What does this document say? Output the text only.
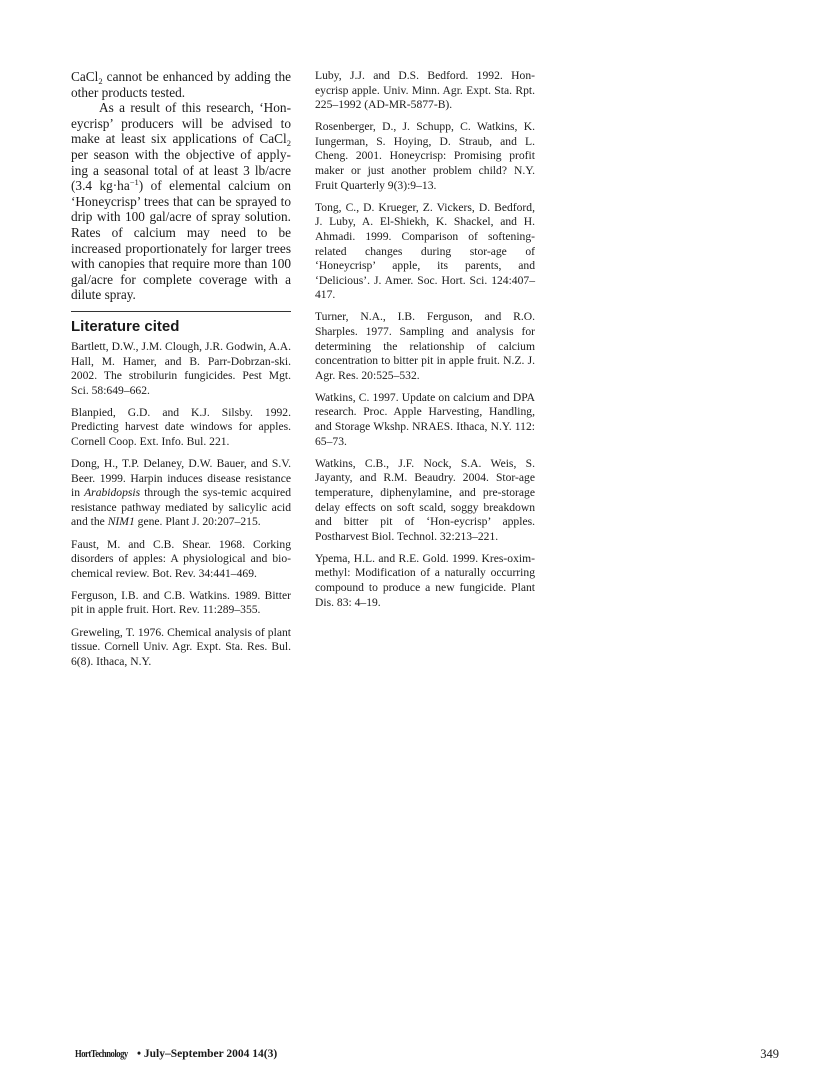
CaCl$_2$ cannot be enhanced by adding the other products tested.

As a result of this research, ‘Hon-eycrisp’ producers will be advised to make at least six applications of CaCl$_2$ per season with the objective of apply-ing a seasonal total of at least 3 lb/acre (3.4 $kg\cdot ha^{-1}$) of elemental calcium on ‘Honeycrisp’ trees that can be sprayed to drip with 100 gal/acre of spray solution. Rates of calcium may need to be increased proportionately for larger trees with canopies that require more than 100 gal/acre for complete coverage with a dilute spray.

Literature cited

Bartlett, D.W., J.M. Clough, J.R. Godwin, A.A. Hall, M. Hamer, and B. Parr-Dobrzan-ski. 2002. The strobilurin fungicides. Pest Mgt. Sci. 58:649–662.

Blanpied, G.D. and K.J. Silsby. 1992. Predicting harvest date windows for apples. Cornell Coop. Ext. Info. Bul. 221.

Dong, H., T.P. Delaney, D.W. Bauer, and S.V. Beer. 1999. Harpin induces disease resistance in Arabidopsis through the sys-temic acquired resistance pathway mediated by salicylic acid and the NIM1 gene. Plant J. 20:207–215.

Faust, M. and C.B. Shear. 1968. Corking disorders of apples: A physiological and bio-chemical review. Bot. Rev. 34:441–469.

Ferguson, I.B. and C.B. Watkins. 1989. Bitter pit in apple fruit. Hort. Rev. 11:289–355.

Greweling, T. 1976. Chemical analysis of plant tissue. Cornell Univ. Agr. Expt. Sta. Res. Bul. 6(8). Ithaca, N.Y.

Luby, J.J. and D.S. Bedford. 1992. Hon-eycrisp apple. Univ. Minn. Agr. Expt. Sta. Rpt. 225–1992 (AD-MR-5877-B).

Rosenberger, D., J. Schupp, C. Watkins, K. Iungerman, S. Hoying, D. Straub, and L. Cheng. 2001. Honeycrisp: Promising profit maker or just another problem child? N.Y. Fruit Quarterly 9(3):9–13.

Tong, C., D. Krueger, Z. Vickers, D. Bedford, J. Luby, A. El-Shiekh, K. Shackel, and H. Ahmadi. 1999. Comparison of softening-related changes during stor-age of ‘Honeycrisp’ apple, its parents, and ‘Delicious’. J. Amer. Soc. Hort. Sci. 124:407–417.

Turner, N.A., I.B. Ferguson, and R.O. Sharples. 1977. Sampling and analysis for determining the relationship of calcium concentration to bitter pit in apple fruit. N.Z. J. Agr. Res. 20:525–532.

Watkins, C. 1997. Update on calcium and DPA research. Proc. Apple Harvesting, Handling, and Storage Wkshp. NRAES. Ithaca, N.Y. 112: 65–73.

Watkins, C.B., J.F. Nock, S.A. Weis, S. Jayanty, and R.M. Beaudry. 2004. Stor-age temperature, diphenylamine, and pre-storage delay effects on soft scald, soggy breakdown and bitter pit of ‘Hon-eycrisp’ apples. Postharvest Biol. Technol. 32:213–221.

Ypema, H.L. and R.E. Gold. 1999. Kres-oxim-methyl: Modification of a naturally occurring compound to produce a new fungicide. Plant Dis. 83: 4–19.

HortTechnology • July–September 2004 14(3)	349
